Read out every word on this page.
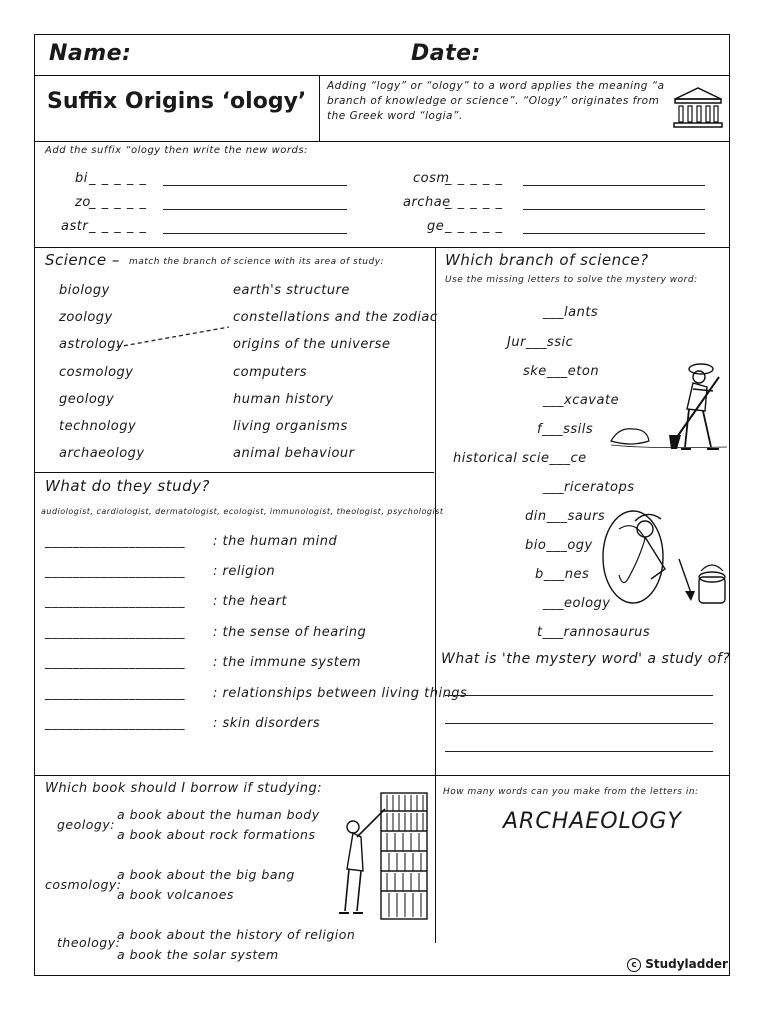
Name:	Date:
Suffix Origins ‘ology’
Adding “logy” or “ology” to a word applies the meaning “a branch of knowledge or science”. “Ology” originates from the Greek word “logia”.
Add the suffix “ology then write the new words:
bi _ _ _ _ _
zo
_ _ _ _ _
astr _ _ _ _ _
cosm
_ _ _ _ _
archae
_ _ _ _ _
ge _ _ _ _ _
Science – match the branch of science with its area of study:
biology
zoology
astrology
cosmology
geology
technology
archaeology
earth's structure
constellations and the zodiac
origins of the universe
computers
human history
living organisms
animal behaviour
What do they study?
audiologist, cardiologist, dermatologist, ecologist, immunologist, theologist, psychologist
____________________ : the human mind
____________________ : religion
____________________ : the heart
____________________ : the sense of hearing
____________________ : the immune system
____________________ : relationships between living things
____________________ : skin disorders
Which branch of science?
Use the missing letters to solve the mystery word:
___lants
Jur___ssic
ske___eton
___xcavate
f___ssils
historical scie___ce
___riceratops
din___saurs
bio___ogy
b___nes
___eology
t___rannosaurus
What is 'the mystery word' a study of?
Which book should I borrow if studying:
geology:
a book about the human body
a book about rock formations
cosmology:
a book about the big bang
a book volcanoes
theology:
a book about the history of religion
a book the solar system
How many words can you make from the letters in:
ARCHAEOLOGY
c Studyladder
